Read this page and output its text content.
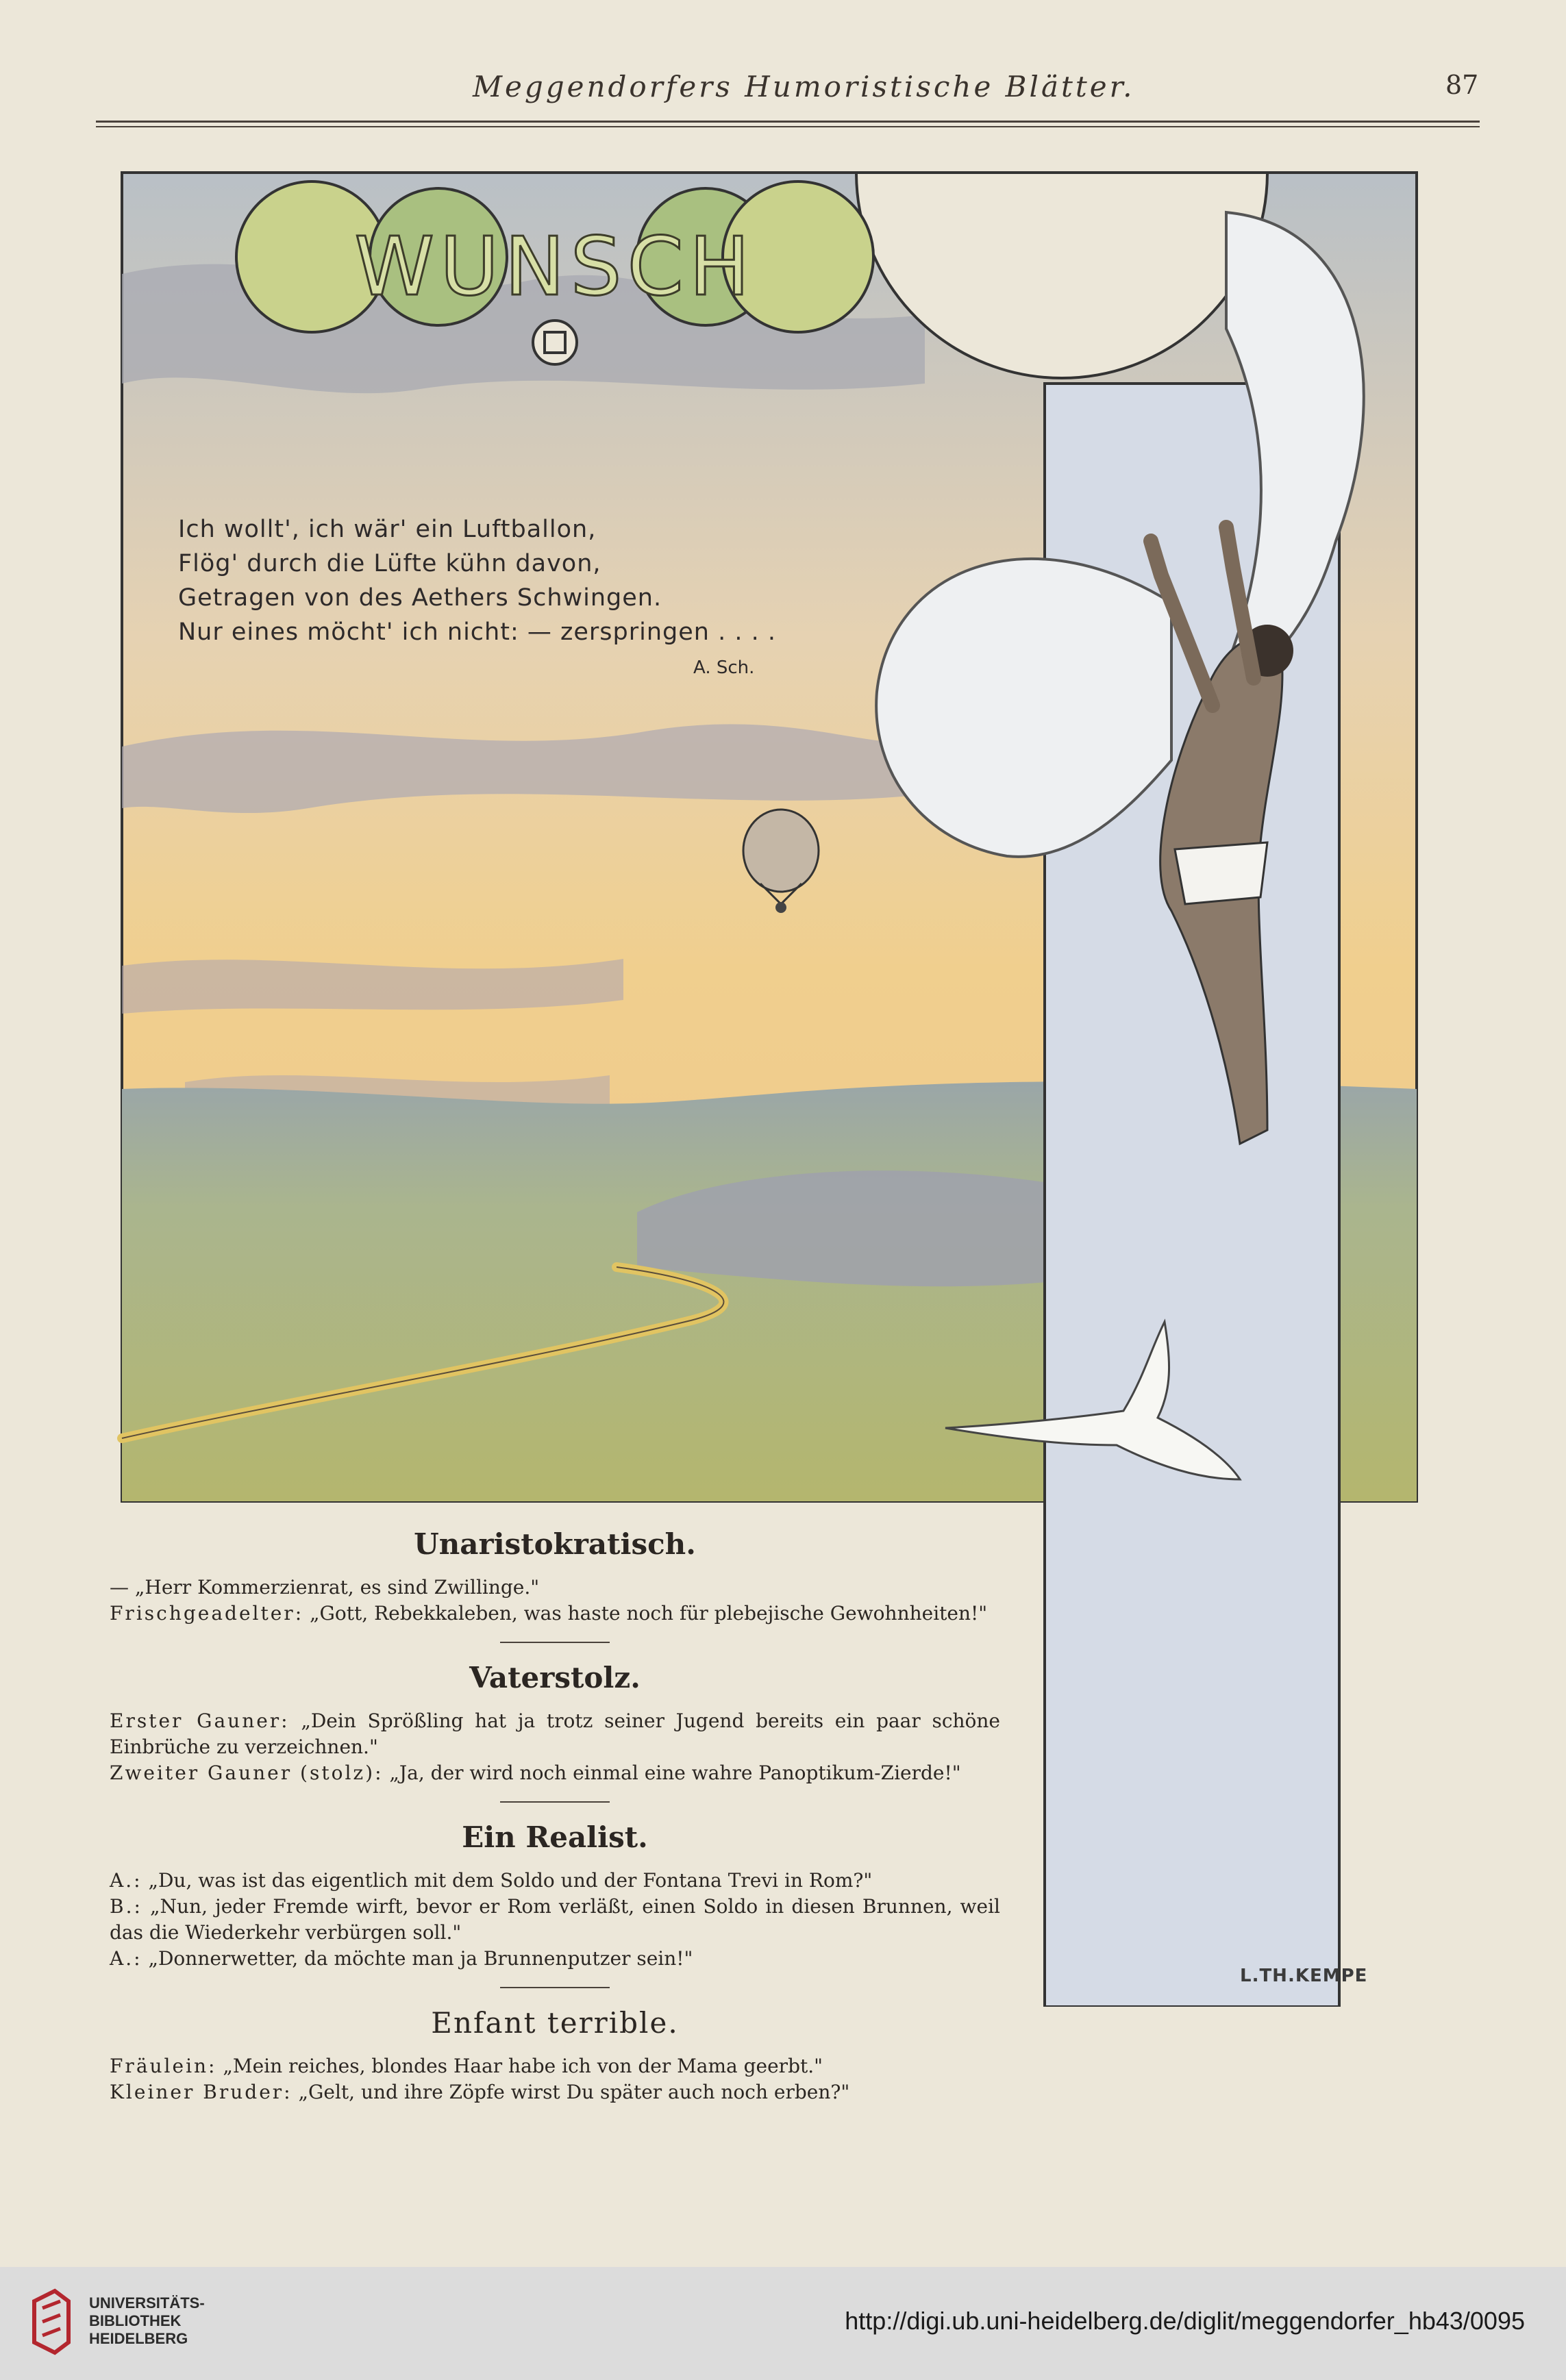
Meggendorfers Humoristische Blätter.	87
WUNSCH
Ich wollt', ich wär' ein Luftballon,
Flög' durch die Lüfte kühn davon,
Getragen von des Aethers Schwingen.
Nur eines möcht' ich nicht: — zerspringen . . . .
A. Sch.
L.TH.KEMPE
Unaristokratisch.

— „Herr Kommerzienrat, es sind Zwillinge."

Frischgeadelter: „Gott, Rebekkaleben, was haste noch für plebejische Gewohnheiten!"

Vaterstolz.

Erster Gauner: „Dein Sprößling hat ja trotz seiner Jugend bereits ein paar schöne Einbrüche zu verzeichnen."

Zweiter Gauner (stolz): „Ja, der wird noch einmal eine wahre Panoptikum-Zierde!"

Ein Realist.

A.: „Du, was ist das eigentlich mit dem Soldo und der Fontana Trevi in Rom?"

B.: „Nun, jeder Fremde wirft, bevor er Rom verläßt, einen Soldo in diesen Brunnen, weil das die Wiederkehr verbürgen soll."

A.: „Donnerwetter, da möchte man ja Brunnenputzer sein!"

Enfant terrible.

Fräulein: „Mein reiches, blondes Haar habe ich von der Mama geerbt."

Kleiner Bruder: „Gelt, und ihre Zöpfe wirst Du später auch noch erben?"

UNIVERSITÄTS-
BIBLIOTHEK
HEIDELBERG
http://digi.ub.uni-heidelberg.de/diglit/meggendorfer_hb43/0095
